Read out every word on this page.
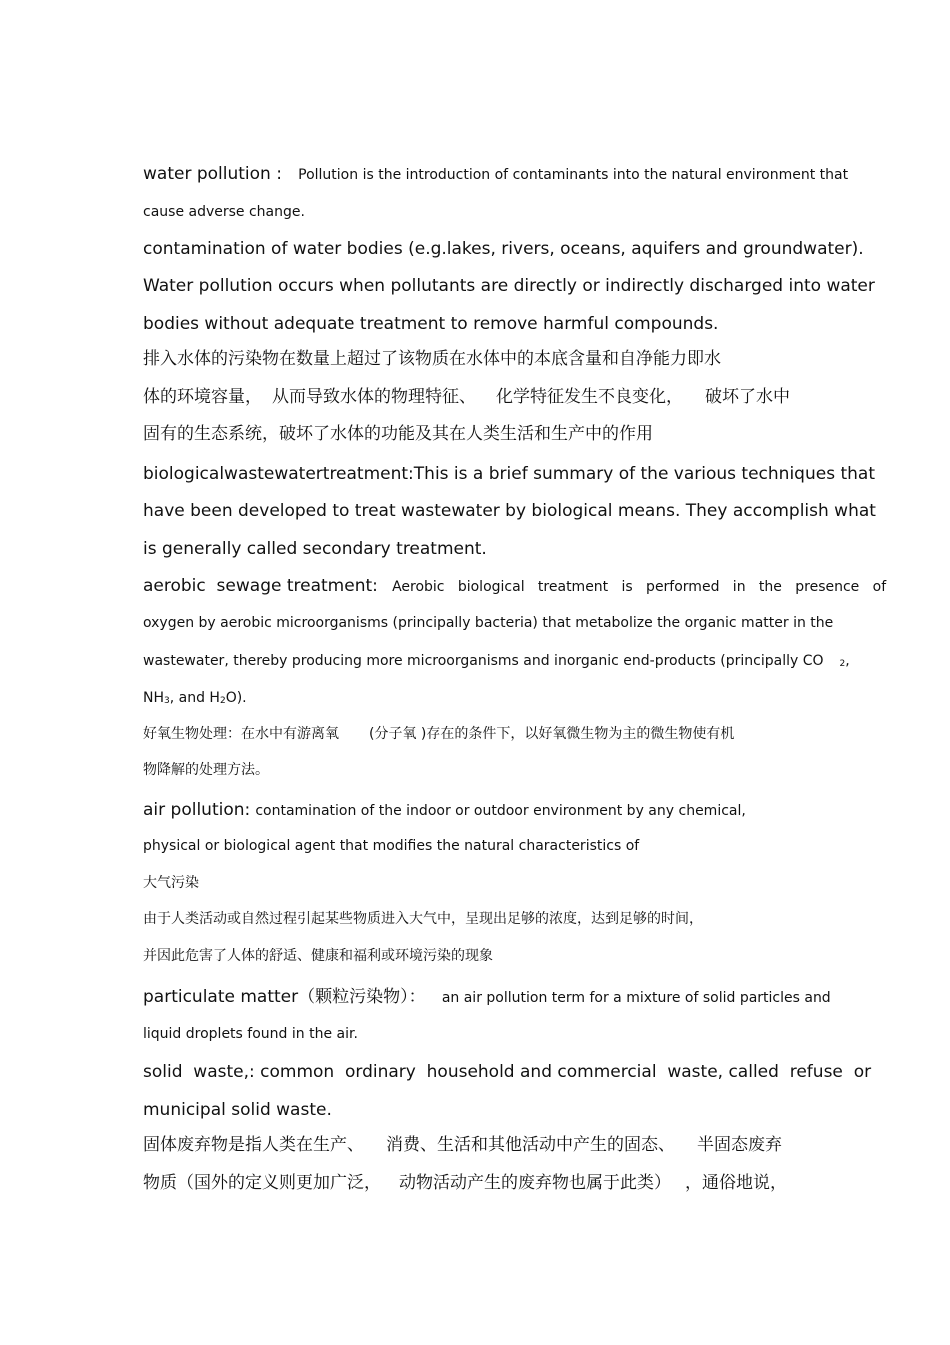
water pollution : Pollution is the introduction of contaminants into the natural environment that
cause adverse change.
contamination of water bodies (e.g.lakes, rivers, oceans, aquifers and groundwater).
Water pollution occurs when pollutants are directly or indirectly discharged into water
bodies without adequate treatment to remove harmful compounds.
排入水体的污染物在数量上超过了该物质在水体中的本底含量和自净能力即水
体的环境容量， 从而导致水体的物理特征、 化学特征发生不良变化， 破坏了水中
固有的生态系统，破坏了水体的功能及其在人类生活和生产中的作用
biologicalwastewatertreatment:This is a brief summary of the various techniques that
have been developed to treat wastewater by biological means. They accomplish what
is generally called secondary treatment.
aerobic  sewage treatment: Aerobic   biological   treatment   is   performed   in   the   presence   of
oxygen by aerobic microorganisms (principally bacteria) that metabolize the organic matter in the
wastewater, thereby producing more microorganisms and inorganic end-products (principally CO 2,
NH3, and H2O).
好氧生物处理：在水中有游离氧 (分子氧 )存在的条件下，以好氧微生物为主的微生物使有机
物降解的处理方法。
air pollution: contamination of the indoor or outdoor environment by any chemical,
physical or biological agent that modifies the natural characteristics of
大气污染
由于人类活动或自然过程引起某些物质进入大气中，呈现出足够的浓度，达到足够的时间，
并因此危害了人体的舒适、健康和福利或环境污染的现象
particulate matter（颗粒污染物）： an air pollution term for a mixture of solid particles and
liquid droplets found in the air.
solid  waste,: common  ordinary  household and commercial  waste, called  refuse  or
municipal solid waste.
固体废弃物是指人类在生产、 消费、生活和其他活动中产生的固态、 半固态废弃
物质（国外的定义则更加广泛， 动物活动产生的废弃物也属于此类） ，通俗地说，
